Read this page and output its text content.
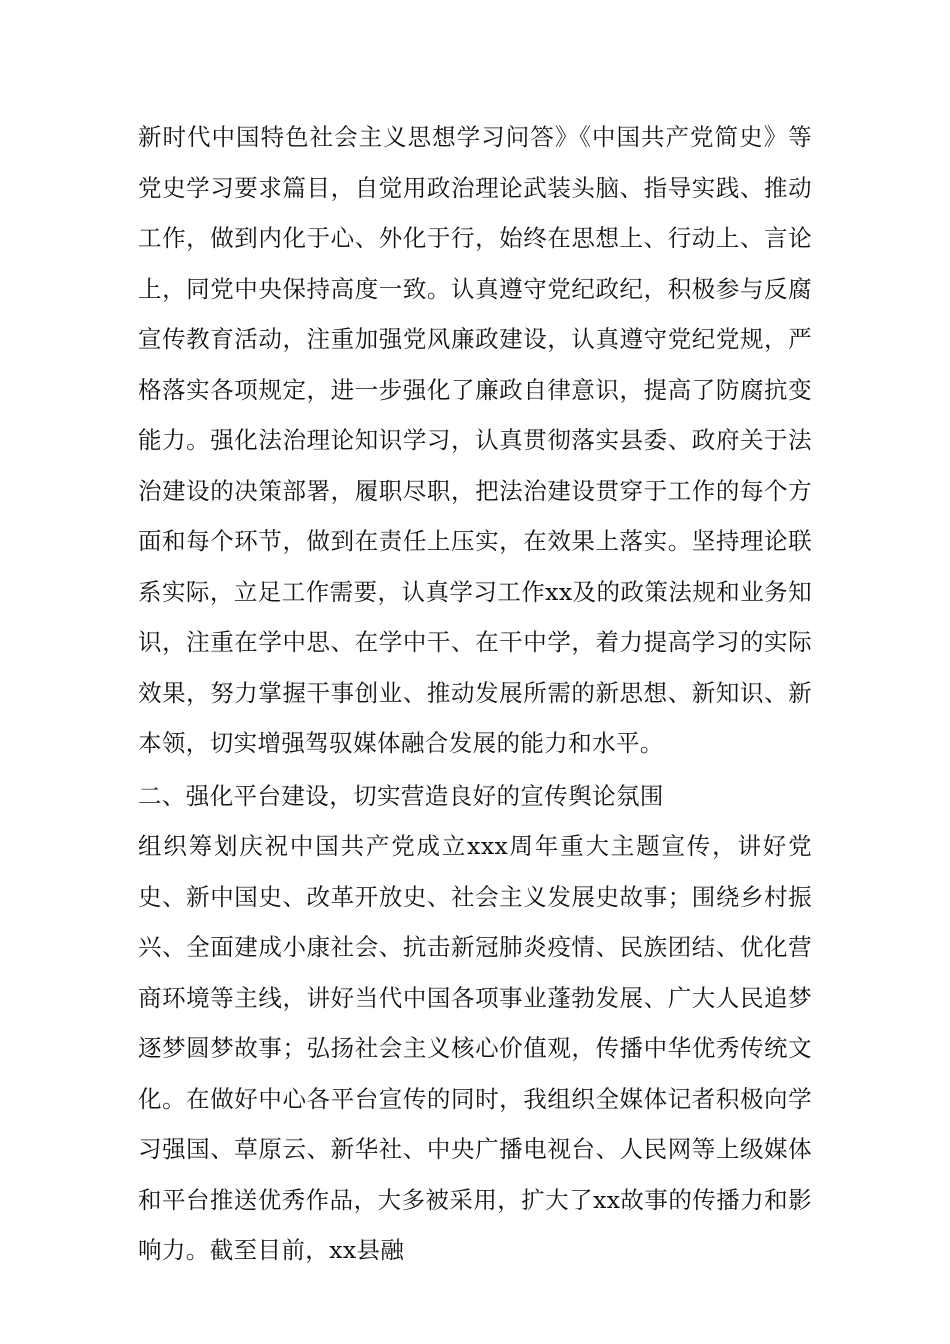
新时代中国特色社会主义思想学习问答》《中国共产党简史》等党史学习要求篇目，自觉用政治理论武装头脑、指导实践、推动工作，做到内化于心、外化于行，始终在思想上、行动上、言论上，同党中央保持高度一致。认真遵守党纪政纪，积极参与反腐宣传教育活动，注重加强党风廉政建设，认真遵守党纪党规，严格落实各项规定，进一步强化了廉政自律意识，提高了防腐抗变能力。强化法治理论知识学习，认真贯彻落实县委、政府关于法治建设的决策部署，履职尽职，把法治建设贯穿于工作的每个方面和每个环节，做到在责任上压实，在效果上落实。坚持理论联系实际，立足工作需要，认真学习工作xx及的政策法规和业务知识，注重在学中思、在学中干、在干中学，着力提高学习的实际效果，努力掌握干事创业、推动发展所需的新思想、新知识、新本领，切实增强驾驭媒体融合发展的能力和水平。

二、强化平台建设，切实营造良好的宣传舆论氛围

组织筹划庆祝中国共产党成立xxx周年重大主题宣传，讲好党史、新中国史、改革开放史、社会主义发展史故事；围绕乡村振兴、全面建成小康社会、抗击新冠肺炎疫情、民族团结、优化营商环境等主线，讲好当代中国各项事业蓬勃发展、广大人民追梦逐梦圆梦故事；弘扬社会主义核心价值观，传播中华优秀传统文化。在做好中心各平台宣传的同时，我组织全媒体记者积极向学习强国、草原云、新华社、中央广播电视台、人民网等上级媒体和平台推送优秀作品，大多被采用，扩大了xx故事的传播力和影响力。截至目前，xx县融
